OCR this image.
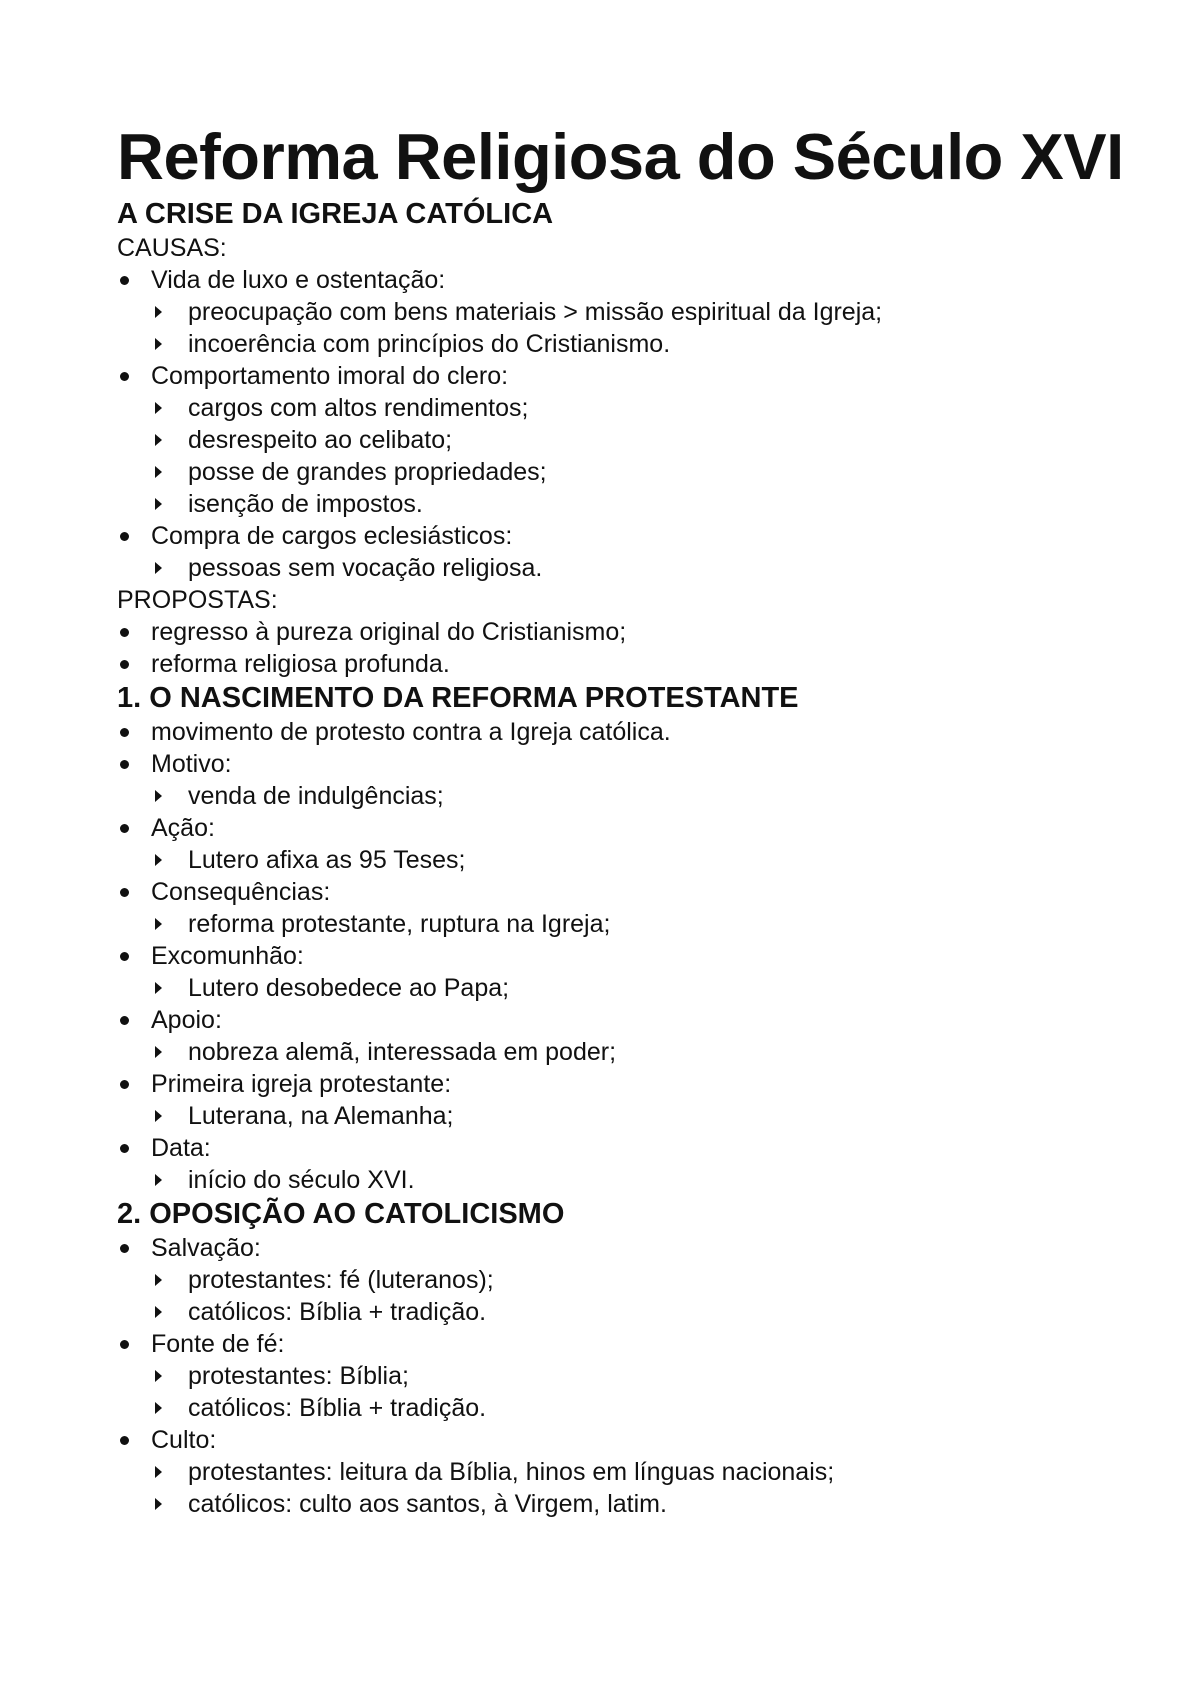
Reforma Religiosa do Século XVI
A CRISE DA IGREJA CATÓLICA

CAUSAS:

Vida de luxo e ostentação:
preocupação com bens materiais > missão espiritual da Igreja;
incoerência com princípios do Cristianismo.
Comportamento imoral do clero:
cargos com altos rendimentos;
desrespeito ao celibato;
posse de grandes propriedades;
isenção de impostos.
Compra de cargos eclesiásticos:
pessoas sem vocação religiosa.

PROPOSTAS:

regresso à pureza original do Cristianismo;
reforma religiosa profunda.
1. O NASCIMENTO DA REFORMA PROTESTANTE
movimento de protesto contra a Igreja católica.
Motivo:
venda de indulgências;
Ação:
Lutero afixa as 95 Teses;
Consequências:
reforma protestante, ruptura na Igreja;
Excomunhão:
Lutero desobedece ao Papa;
Apoio:
nobreza alemã, interessada em poder;
Primeira igreja protestante:
Luterana, na Alemanha;
Data:
início do século XVI.
2. OPOSIÇÃO AO CATOLICISMO
Salvação:
protestantes: fé (luteranos);
católicos: Bíblia + tradição.
Fonte de fé:
protestantes: Bíblia;
católicos: Bíblia + tradição.
Culto:
protestantes: leitura da Bíblia, hinos em línguas nacionais;
católicos: culto aos santos, à Virgem, latim.
